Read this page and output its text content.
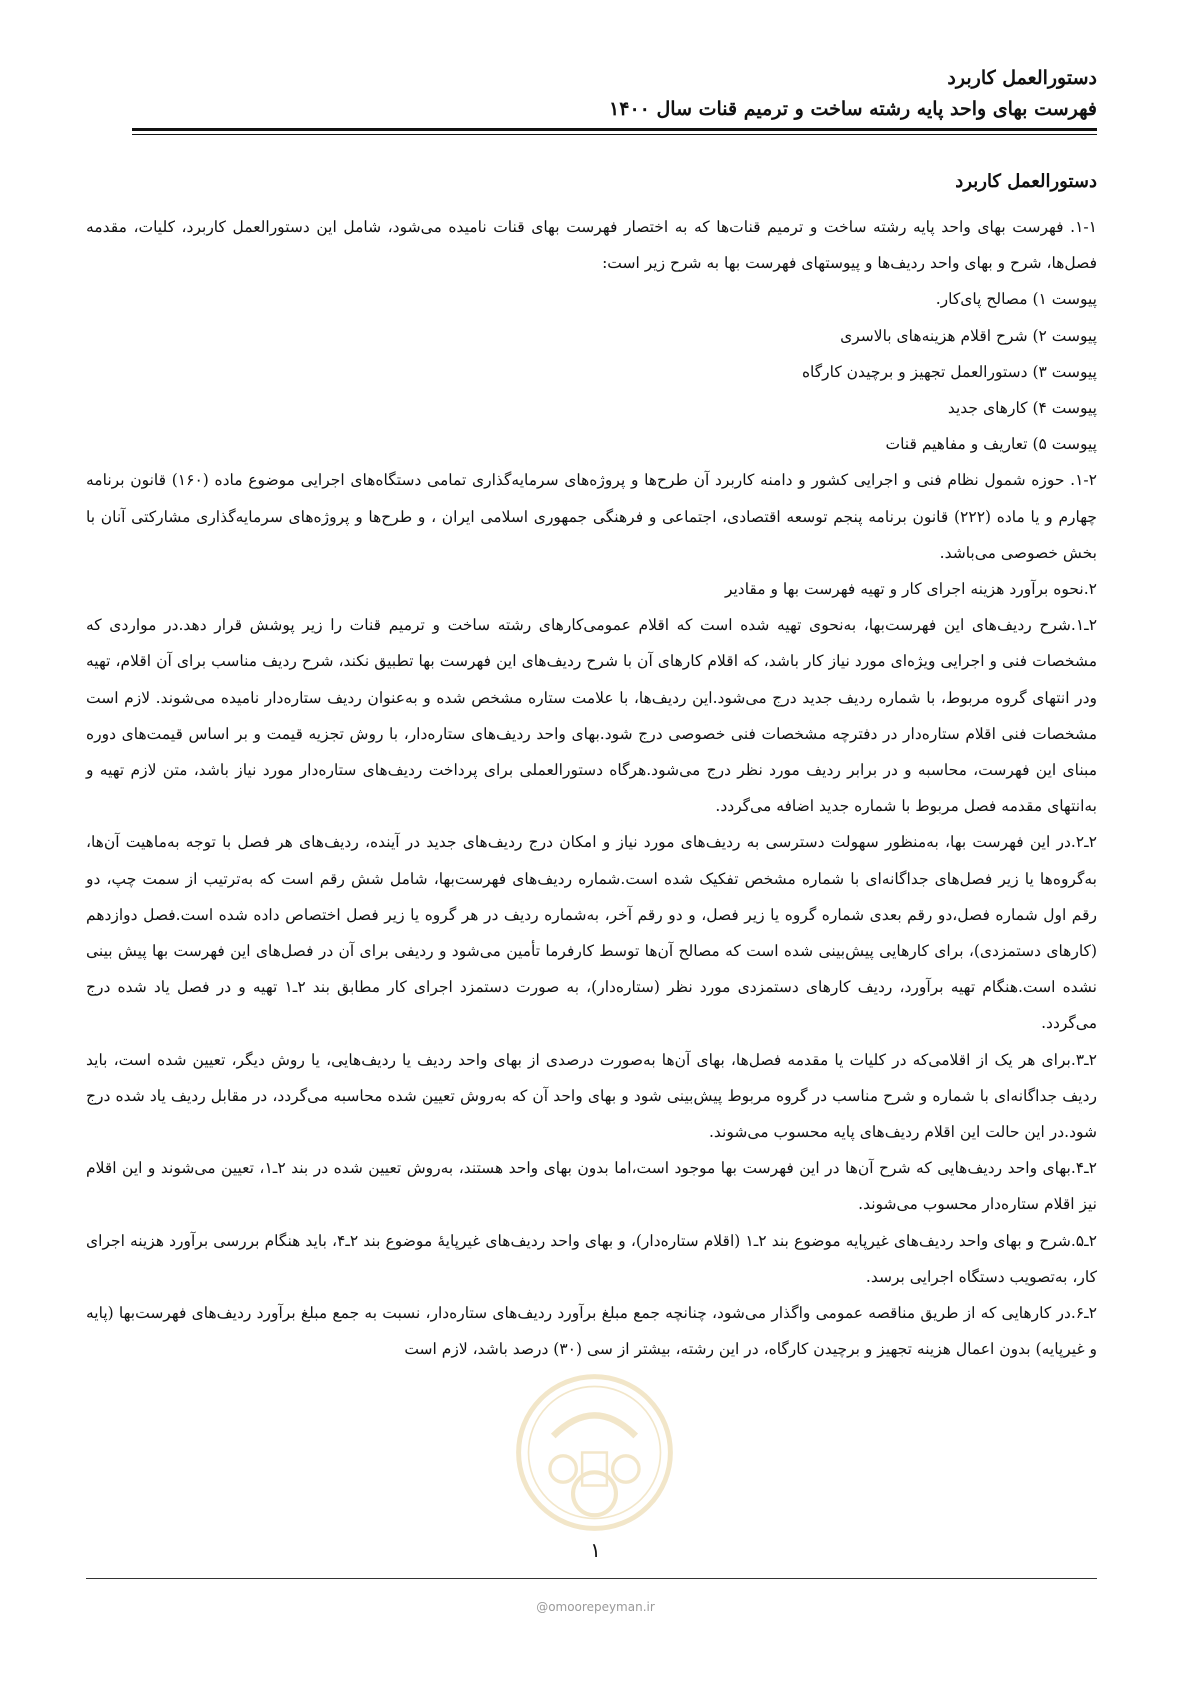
دستورالعمل کاربرد
فهرست بهای واحد پایه رشته ساخت و ترمیم قنات سال ۱۴۰۰

دستورالعمل کاربرد

۱-۱. فهرست بهای واحد پایه رشته ساخت و ترمیم قنات‌ها که به اختصار فهرست بهای قنات نامیده می‌شود، شامل این دستورالعمل کاربرد، کلیات، مقدمه فصل‌ها، شرح و بهای واحد ردیف‌ها و پیوستهای فهرست بها به شرح زیر است:

پیوست ۱) مصالح پای‌کار.

پیوست ۲) شرح اقلام هزینه‌های بالاسری

پیوست ۳) دستورالعمل تجهیز و برچیدن کارگاه

پیوست ۴) کارهای جدید

پیوست ۵) تعاریف و مفاهیم قنات

۱-۲. حوزه شمول نظام فنی و اجرایی کشور و دامنه کاربرد آن طرح‌ها و پروژه‌های سرمایه‌گذاری تمامی دستگاه‌های اجرایی موضوع ماده (۱۶۰) قانون برنامه چهارم و یا ماده (۲۲۲) قانون برنامه پنجم توسعه اقتصادی، اجتماعی و فرهنگی جمهوری اسلامی ایران ، و طرح‌ها و پروژه‌های سرمایه‌گذاری مشارکتی آنان با بخش خصوصی می‌باشد.

۲.نحوه برآورد هزینه اجرای کار و تهیه فهرست بها و مقادیر

۲ـ۱.شرح ردیف‌های این فهرست‌بها، به‌نحوی تهیه شده است که اقلام عمومی‌کارهای رشته ساخت و ترمیم قنات را زیر پوشش قرار دهد.در مواردی که مشخصات فنی و اجرایی ویژه‌ای مورد نیاز کار باشد، که اقلام کارهای آن با شرح ردیف‌های این فهرست بها تطبیق نکند، شرح ردیف مناسب برای آن اقلام، تهیه ودر انتهای گروه مربوط، با شماره ردیف جدید درج می‌شود.این ردیف‌ها، با علامت ستاره مشخص شده و به‌عنوان ردیف ستاره‌دار نامیده می‌شوند. لازم است مشخصات فنی اقلام ستاره‌دار در دفترچه مشخصات فنی خصوصی درج شود.بهای واحد ردیف‌های ستاره‌دار، با روش تجزیه قیمت و بر اساس قیمت‌های دوره مبنای این فهرست، محاسبه و در برابر ردیف مورد نظر درج می‌شود.هرگاه دستورالعملی برای پرداخت ردیف‌های ستاره‌دار مورد نیاز باشد، متن لازم تهیه و به‌انتهای مقدمه فصل مربوط با شماره جدید اضافه می‌گردد.

۲ـ۲.در این فهرست بها، به‌منظور سهولت دسترسی به ردیف‌های مورد نیاز و امکان درج ردیف‌های جدید در آینده، ردیف‌های هر فصل با توجه به‌ماهیت آن‌ها، به‌گروه‌ها یا زیر فصل‌های جداگانه‌ای با شماره مشخص تفکیک شده است.شماره ردیف‌های فهرست‌بها، شامل شش رقم است که به‌ترتیب از سمت چپ، دو رقم اول شماره فصل،دو رقم بعدی شماره گروه یا زیر فصل، و دو رقم آخر، به‌شماره ردیف در هر گروه یا زیر فصل اختصاص داده شده است.فصل دوازدهم (کارهای دستمزدی)، برای کارهایی پیش‌بینی شده است که مصالح آن‌ها توسط کارفرما تأمین می‌شود و ردیفی برای آن در فصل‌های این فهرست بها پیش بینی نشده است.هنگام تهیه برآورد، ردیف کارهای دستمزدی مورد نظر (ستاره‌دار)، به صورت دستمزد اجرای کار مطابق بند ۲ـ۱ تهیه و در فصل یاد شده درج می‌گردد.

۲ـ۳.برای هر یک از اقلامی‌که در کلیات یا مقدمه فصل‌ها، بهای آن‌ها به‌صورت درصدی از بهای واحد ردیف یا ردیف‌هایی، یا روش دیگر، تعیین شده است، باید ردیف جداگانه‌ای با شماره و شرح مناسب در گروه مربوط پیش‌بینی شود و بهای واحد آن که به‌روش تعیین شده محاسبه می‌گردد، در مقابل ردیف یاد شده درج شود.در این حالت این اقلام ردیف‌های پایه محسوب می‌شوند.

۲ـ۴.بهای واحد ردیف‌هایی که شرح آن‌ها در این فهرست بها موجود است،اما بدون بهای واحد هستند، به‌روش تعیین شده در بند ۲ـ۱، تعیین می‌شوند و این اقلام نیز اقلام ستاره‌دار محسوب می‌شوند.

۲ـ۵.شرح و بهای واحد ردیف‌های غیرپایه موضوع بند ۲ـ۱ (اقلام ستاره‌دار)، و بهای واحد ردیف‌های غیرپایهٔ موضوع بند ۲ـ۴، باید هنگام بررسی برآورد هزینه اجرای کار، به‌تصویب دستگاه اجرایی برسد.

۲ـ۶.در کارهایی که از طریق مناقصه عمومی واگذار می‌شود، چنانچه جمع مبلغ برآورد ردیف‌های ستاره‌دار، نسبت به جمع مبلغ برآورد ردیف‌های فهرست‌بها (پایه و غیرپایه) بدون اعمال هزینه تجهیز و برچیدن کارگاه، در این رشته، بیشتر از سی (۳۰) درصد باشد، لازم است

۱
@omoorepeyman.ir
